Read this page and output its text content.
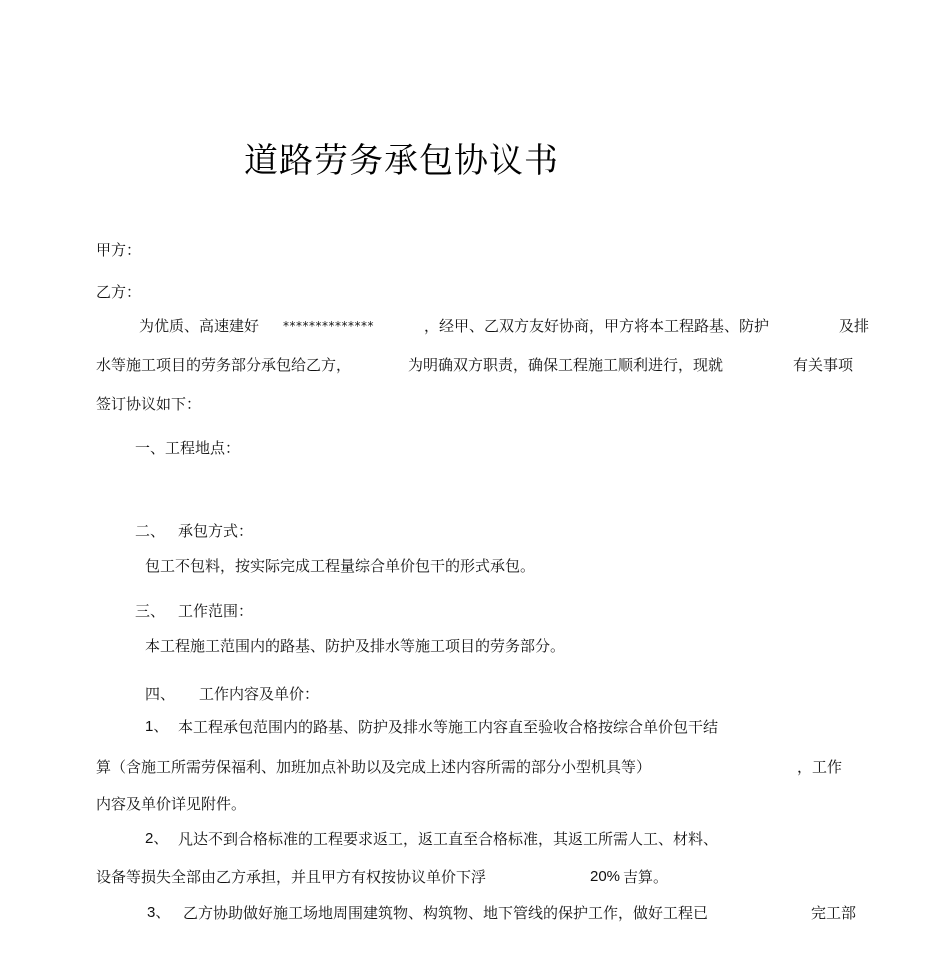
道路劳务承包协议书
甲方：
乙方：
为优质、高速建好 **************	，经甲、乙双方友好协商，甲方将本工程路基、防护	及排
水等施工项目的劳务部分承包给乙方，	为明确双方职责，确保工程施工顺利进行，现就	有关事项
签订协议如下：
一、工程地点：
二、 承包方式：
包工不包料，按实际完成工程量综合单价包干的形式承包。
三、 工作范围：
本工程施工范围内的路基、防护及排水等施工项目的劳务部分。
四、 工作内容及单价：
1、 本工程承包范围内的路基、防护及排水等施工内容直至验收合格按综合单价包干结
算（含施工所需劳保福利、加班加点补助以及完成上述内容所需的部分小型机具等）	，工作
内容及单价详见附件。
2、 凡达不到合格标准的工程要求返工，返工直至合格标准，其返工所需人工、材料、
设备等损失全部由乙方承担，并且甲方有权按协议单价下浮	20% 吉算。
3、 乙方协助做好施工场地周围建筑物、构筑物、地下管线的保护工作，做好工程已	完工部
